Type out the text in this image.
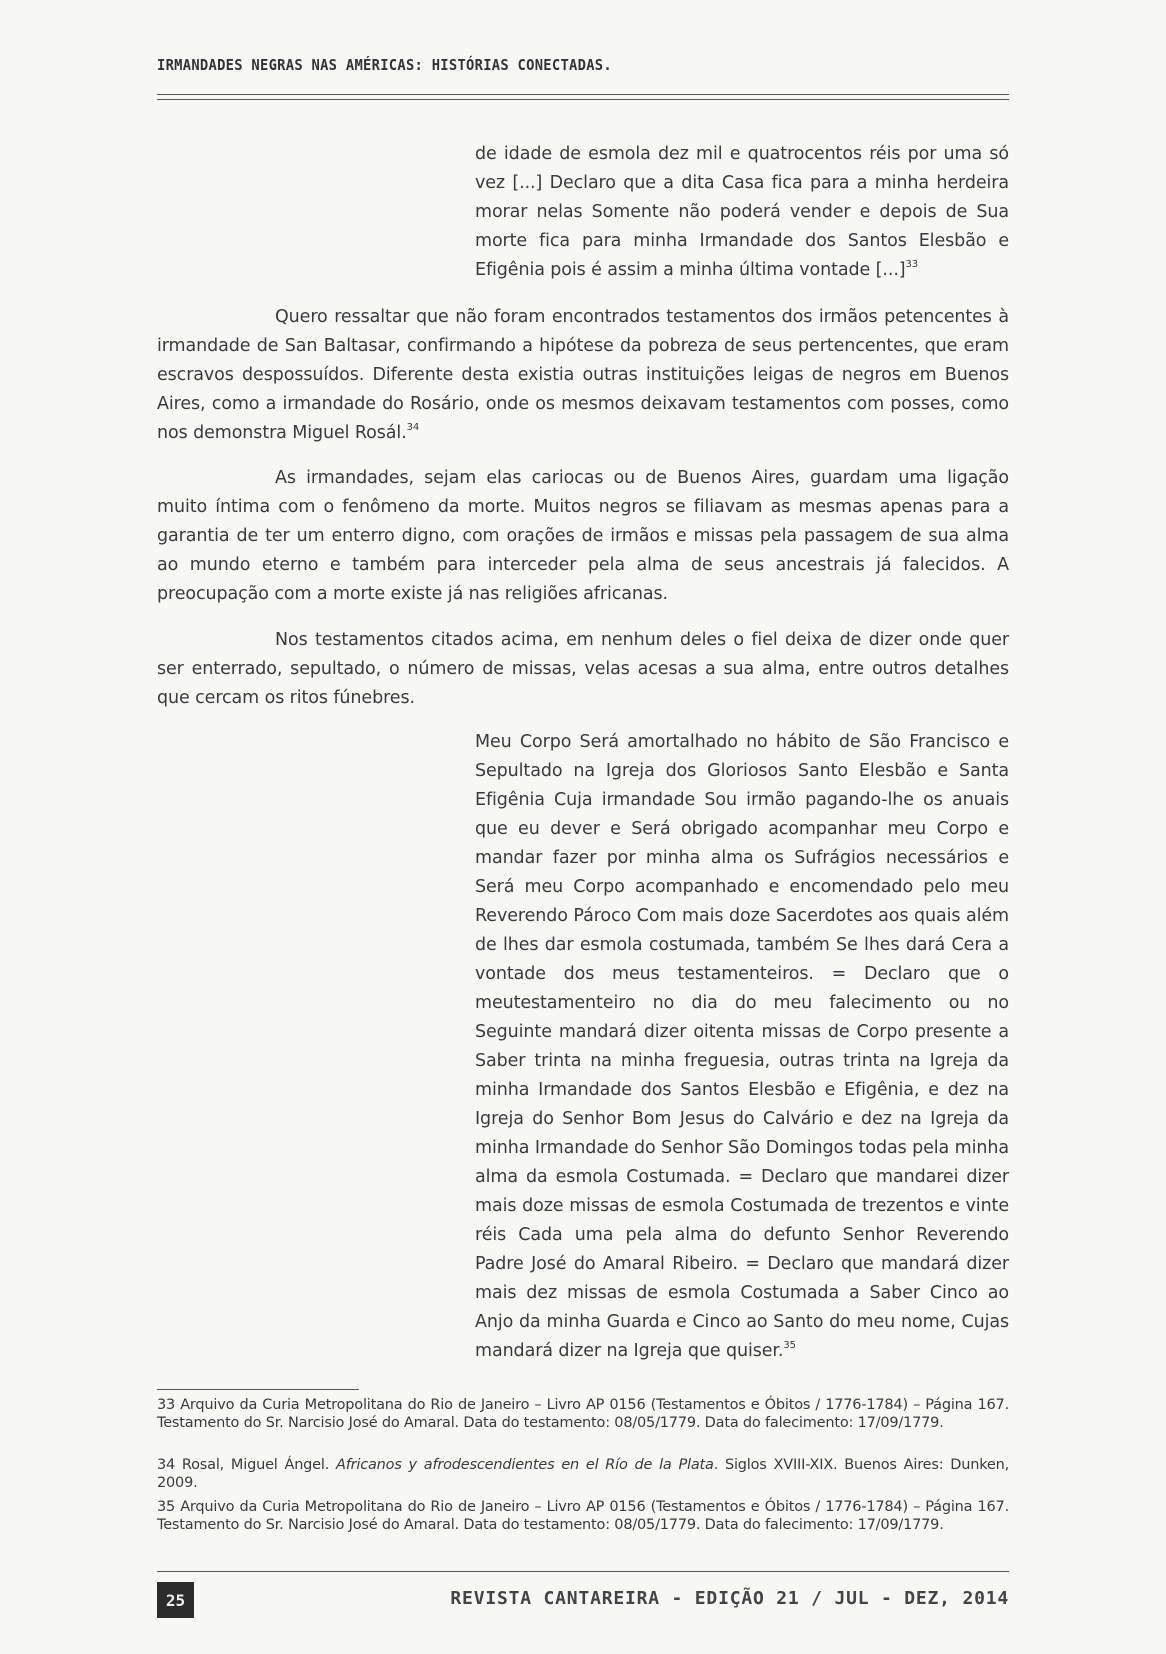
IRMANDADES NEGRAS NAS AMÉRICAS: HISTÓRIAS CONECTADAS.
de idade de esmola dez mil e quatrocentos réis por uma só vez [...] Declaro que a dita Casa fica para a minha herdeira morar nelas Somente não poderá vender e depois de Sua morte fica para minha Irmandade dos Santos Elesbão e Efigênia pois é assim a minha última vontade [...]$^{33}$
Quero ressaltar que não foram encontrados testamentos dos irmãos petencentes à irmandade de San Baltasar, confirmando a hipótese da pobreza de seus pertencentes, que eram escravos despossuídos. Diferente desta existia outras instituições leigas de negros em Buenos Aires, como a irmandade do Rosário, onde os mesmos deixavam testamentos com posses, como nos demonstra Miguel Rosál.$^{34}$
As irmandades, sejam elas cariocas ou de Buenos Aires, guardam uma ligação muito íntima com o fenômeno da morte. Muitos negros se filiavam as mesmas apenas para a garantia de ter um enterro digno, com orações de irmãos e missas pela passagem de sua alma ao mundo eterno e também para interceder pela alma de seus ancestrais já falecidos. A preocupação com a morte existe já nas religiões africanas.
Nos testamentos citados acima, em nenhum deles o fiel deixa de dizer onde quer ser enterrado, sepultado, o número de missas, velas acesas a sua alma, entre outros detalhes que cercam os ritos fúnebres.
Meu Corpo Será amortalhado no hábito de São Francisco e Sepultado na Igreja dos Gloriosos Santo Elesbão e Santa Efigênia Cuja irmandade Sou irmão pagando-lhe os anuais que eu dever e Será obrigado acompanhar meu Corpo e mandar fazer por minha alma os Sufrágios necessários e Será meu Corpo acompanhado e encomendado pelo meu Reverendo Pároco Com mais doze Sacerdotes aos quais além de lhes dar esmola costumada, também Se lhes dará Cera a vontade dos meus testamenteiros. = Declaro que o meutestamenteiro no dia do meu falecimento ou no Seguinte mandará dizer oitenta missas de Corpo presente a Saber trinta na minha freguesia, outras trinta na Igreja da minha Irmandade dos Santos Elesbão e Efigênia, e dez na Igreja do Senhor Bom Jesus do Calvário e dez na Igreja da minha Irmandade do Senhor São Domingos todas pela minha alma da esmola Costumada. = Declaro que mandarei dizer mais doze missas de esmola Costumada de trezentos e vinte réis Cada uma pela alma do defunto Senhor Reverendo Padre José do Amaral Ribeiro. = Declaro que mandará dizer mais dez missas de esmola Costumada a Saber Cinco ao Anjo da minha Guarda e Cinco ao Santo do meu nome, Cujas mandará dizer na Igreja que quiser.$^{35}$
33 Arquivo da Curia Metropolitana do Rio de Janeiro – Livro AP 0156 (Testamentos e Óbitos / 1776-1784) – Página 167. Testamento do Sr. Narcisio José do Amaral. Data do testamento: 08/05/1779. Data do falecimento: 17/09/1779.
34 Rosal, Miguel Ángel. Africanos y afrodescendientes en el Río de la Plata. Siglos XVIII-XIX. Buenos Aires: Dunken, 2009.
35 Arquivo da Curia Metropolitana do Rio de Janeiro – Livro AP 0156 (Testamentos e Óbitos / 1776-1784) – Página 167. Testamento do Sr. Narcisio José do Amaral. Data do testamento: 08/05/1779. Data do falecimento: 17/09/1779.
25	REVISTA CANTAREIRA - EDIÇÃO 21 / JUL - DEZ, 2014
